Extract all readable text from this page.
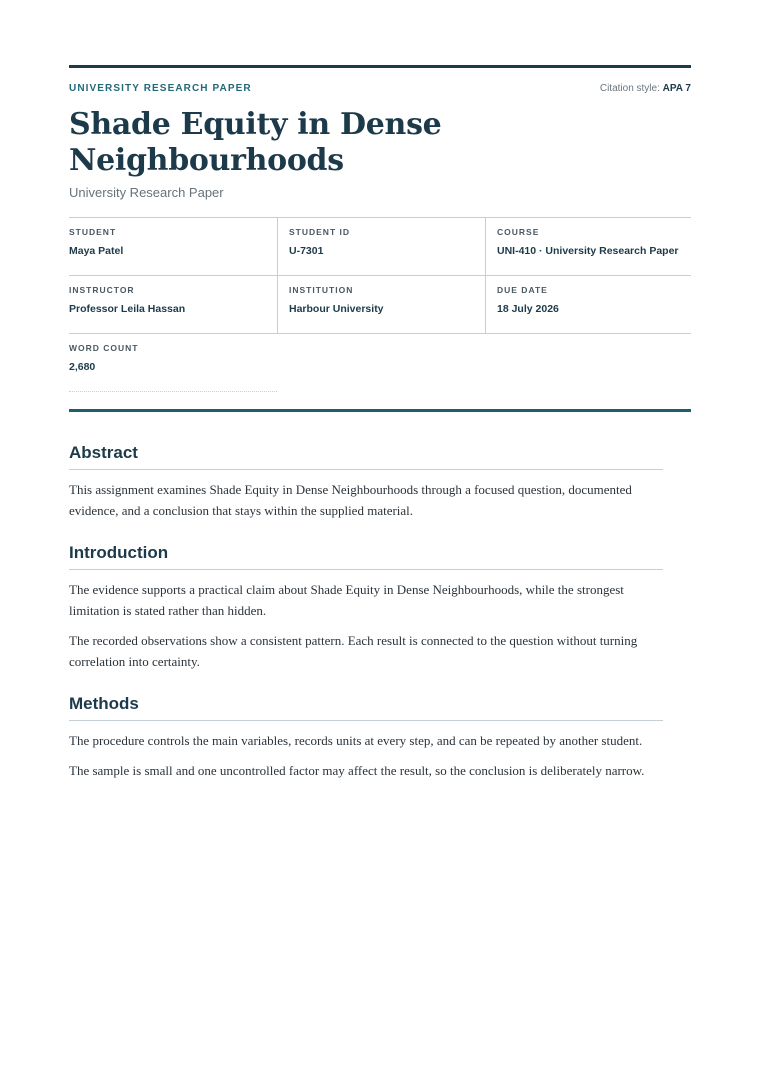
UNIVERSITY RESEARCH PAPER	Citation style: APA 7
Shade Equity in Dense Neighbourhoods
University Research Paper
STUDENT
Maya Patel
STUDENT ID
U-7301
COURSE
UNI-410 · University Research Paper
INSTRUCTOR
Professor Leila Hassan
INSTITUTION
Harbour University
DUE DATE
18 July 2026
WORD COUNT
2,680
Abstract

This assignment examines Shade Equity in Dense Neighbourhoods through a focused question, documented evidence, and a conclusion that stays within the supplied material.

Introduction

The evidence supports a practical claim about Shade Equity in Dense Neighbourhoods, while the strongest limitation is stated rather than hidden.

The recorded observations show a consistent pattern. Each result is connected to the question without turning correlation into certainty.

Methods

The procedure controls the main variables, records units at every step, and can be repeated by another student.

The sample is small and one uncontrolled factor may affect the result, so the conclusion is deliberately narrow.
